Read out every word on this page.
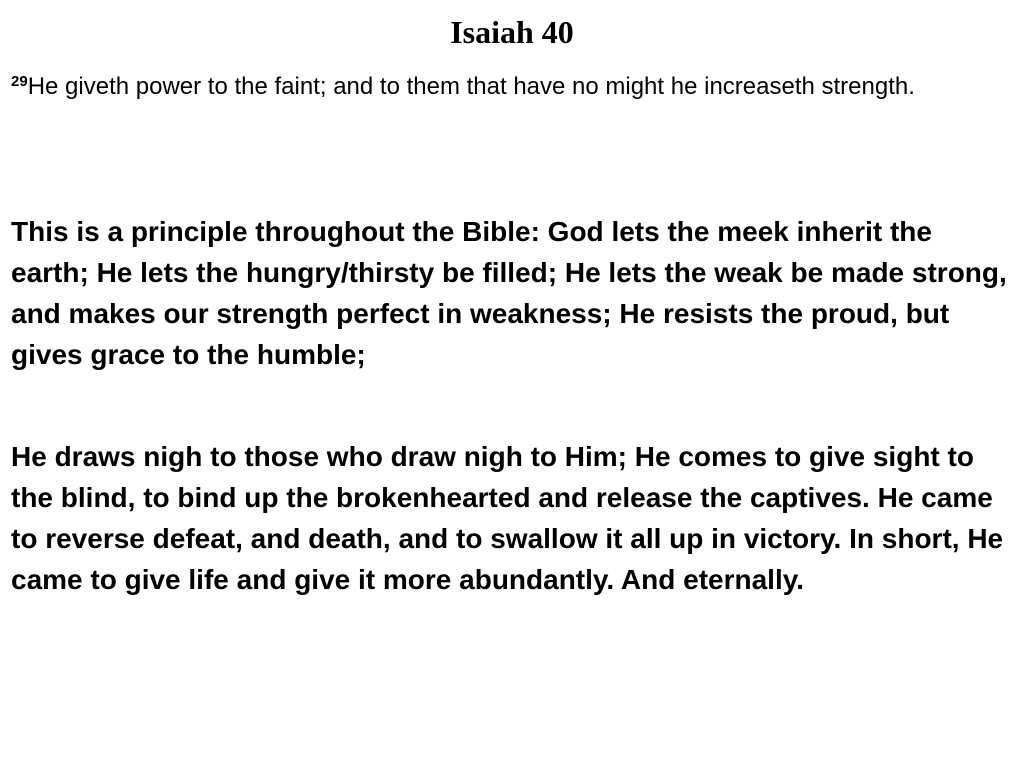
Isaiah 40

$^{29}$He giveth power to the faint; and to them that have no might he increaseth strength.

This is a principle throughout the Bible: God lets the meek inherit the earth; He lets the hungry/thirsty be filled; He lets the weak be made strong, and makes our strength perfect in weakness; He resists the proud, but gives grace to the humble;

He draws nigh to those who draw nigh to Him; He comes to give sight to the blind, to bind up the brokenhearted and release the captives. He came to reverse defeat, and death, and to swallow it all up in victory. In short, He came to give life and give it more abundantly. And eternally.
